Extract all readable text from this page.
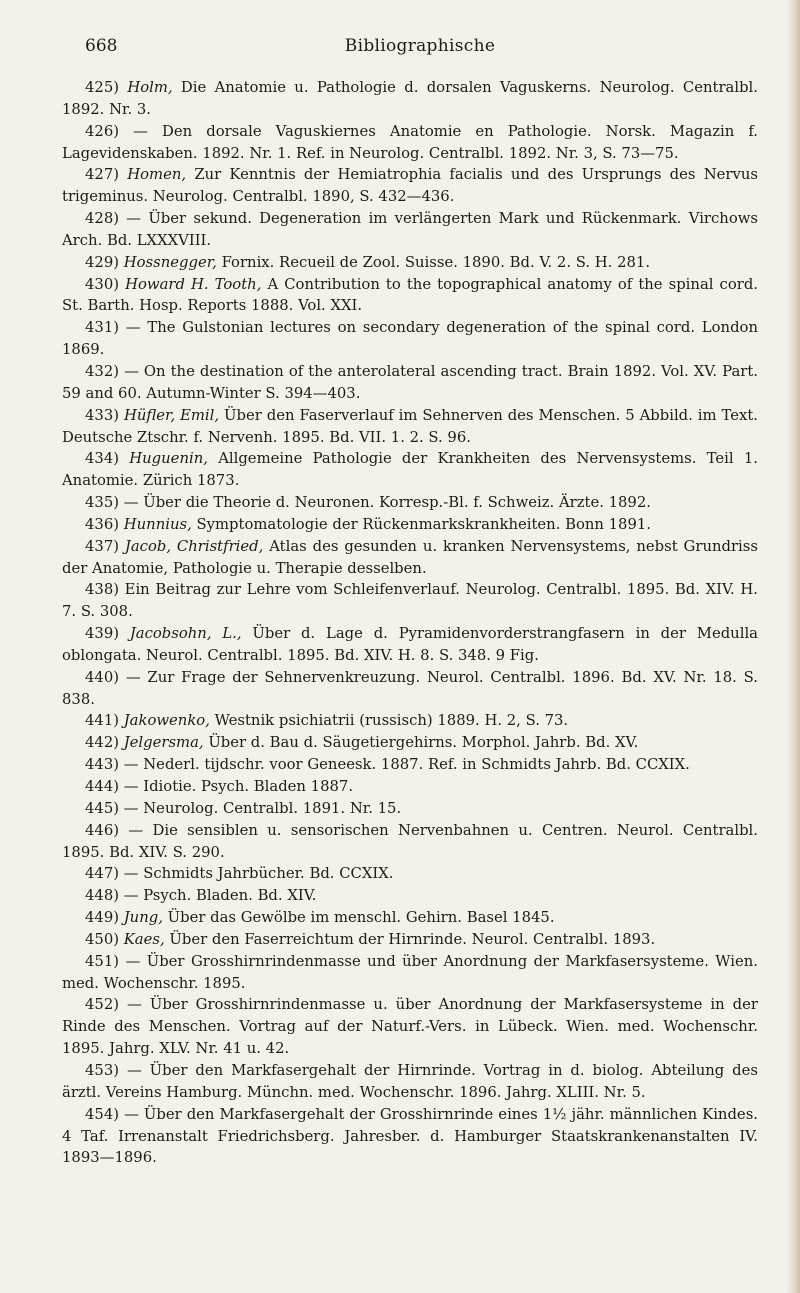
668	Bibliographische

425) Holm, Die Anatomie u. Pathologie d. dorsalen Vaguskerns. Neurolog. Centralbl. 1892. Nr. 3.

426) — Den dorsale Vaguskiernes Anatomie en Pathologie. Norsk. Magazin f. Lagevidenskaben. 1892. Nr. 1. Ref. in Neurolog. Centralbl. 1892. Nr. 3, S. 73—75.

427) Homen, Zur Kenntnis der Hemiatrophia facialis und des Ursprungs des Nervus trigeminus. Neurolog. Centralbl. 1890, S. 432—436.

428) — Über sekund. Degeneration im verlängerten Mark und Rückenmark. Virchows Arch. Bd. LXXXVIII.

429) Hossnegger, Fornix. Recueil de Zool. Suisse. 1890. Bd. V. 2. S. H. 281.

430) Howard H. Tooth, A Contribution to the topographical anatomy of the spinal cord. St. Barth. Hosp. Reports 1888. Vol. XXI.

431) — The Gulstonian lectures on secondary degeneration of the spinal cord. London 1869.

432) — On the destination of the anterolateral ascending tract. Brain 1892. Vol. XV. Part. 59 and 60. Autumn-Winter S. 394—403.

433) Hüfler, Emil, Über den Faserverlauf im Sehnerven des Menschen. 5 Abbild. im Text. Deutsche Ztschr. f. Nervenh. 1895. Bd. VII. 1. 2. S. 96.

434) Huguenin, Allgemeine Pathologie der Krankheiten des Nervensystems. Teil 1. Anatomie. Zürich 1873.

435) — Über die Theorie d. Neuronen. Korresp.-Bl. f. Schweiz. Ärzte. 1892.

436) Hunnius, Symptomatologie der Rückenmarkskrankheiten. Bonn 1891.

437) Jacob, Christfried, Atlas des gesunden u. kranken Nervensystems, nebst Grundriss der Anatomie, Pathologie u. Therapie desselben.

438) Ein Beitrag zur Lehre vom Schleifenverlauf. Neurolog. Centralbl. 1895. Bd. XIV. H. 7. S. 308.

439) Jacobsohn, L., Über d. Lage d. Pyramidenvorderstrangfasern in der Medulla oblongata. Neurol. Centralbl. 1895. Bd. XIV. H. 8. S. 348. 9 Fig.

440) — Zur Frage der Sehnervenkreuzung. Neurol. Centralbl. 1896. Bd. XV. Nr. 18. S. 838.

441) Jakowenko, Westnik psichiatrii (russisch) 1889. H. 2, S. 73.

442) Jelgersma, Über d. Bau d. Säugetiergehirns. Morphol. Jahrb. Bd. XV.

443) — Nederl. tijdschr. voor Geneesk. 1887. Ref. in Schmidts Jahrb. Bd. CCXIX.

444) — Idiotie. Psych. Bladen 1887.

445) — Neurolog. Centralbl. 1891. Nr. 15.

446) — Die sensiblen u. sensorischen Nervenbahnen u. Centren. Neurol. Centralbl. 1895. Bd. XIV. S. 290.

447) — Schmidts Jahrbücher. Bd. CCXIX.

448) — Psych. Bladen. Bd. XIV.

449) Jung, Über das Gewölbe im menschl. Gehirn. Basel 1845.

450) Kaes, Über den Faserreichtum der Hirnrinde. Neurol. Centralbl. 1893.

451) — Über Grosshirnrindenmasse und über Anordnung der Markfasersysteme. Wien. med. Wochenschr. 1895.

452) — Über Grosshirnrindenmasse u. über Anordnung der Markfasersysteme in der Rinde des Menschen. Vortrag auf der Naturf.-Vers. in Lübeck. Wien. med. Wochenschr. 1895. Jahrg. XLV. Nr. 41 u. 42.

453) — Über den Markfasergehalt der Hirnrinde. Vortrag in d. biolog. Abteilung des ärztl. Vereins Hamburg. Münchn. med. Wochenschr. 1896. Jahrg. XLIII. Nr. 5.

454) — Über den Markfasergehalt der Grosshirnrinde eines 1½ jähr. männlichen Kindes. 4 Taf. Irrenanstalt Friedrichsberg. Jahresber. d. Hamburger Staatskrankenanstalten IV. 1893—1896.
